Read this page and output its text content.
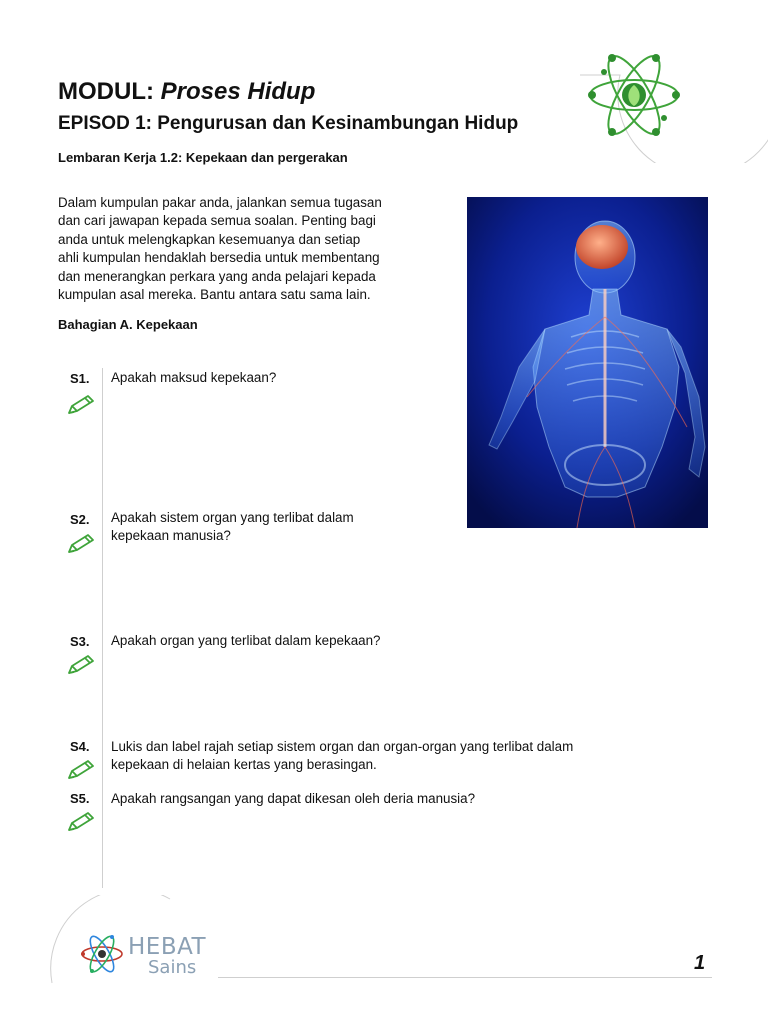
MODUL: Proses Hidup
EPISOD 1: Pengurusan dan Kesinambungan Hidup
Lembaran Kerja 1.2: Kepekaan dan pergerakan
Dalam kumpulan pakar anda, jalankan semua tugasan
dan cari jawapan kepada semua soalan. Penting bagi
anda untuk melengkapkan kesemuanya dan setiap
ahli kumpulan hendaklah bersedia untuk membentang
dan menerangkan perkara yang anda pelajari kepada
kumpulan asal mereka. Bantu antara satu sama lain.
Bahagian A. Kepekaan
S1. Apakah maksud kepekaan?
S2. Apakah sistem organ yang terlibat dalam
kepekaan manusia?
S3. Apakah organ yang terlibat dalam kepekaan?
S4. Lukis dan label rajah setiap sistem organ dan organ-organ yang terlibat dalam
kepekaan di helaian kertas yang berasingan.
S5. Apakah rangsangan yang dapat dikesan oleh deria manusia?
HEBAT
Sains	1
